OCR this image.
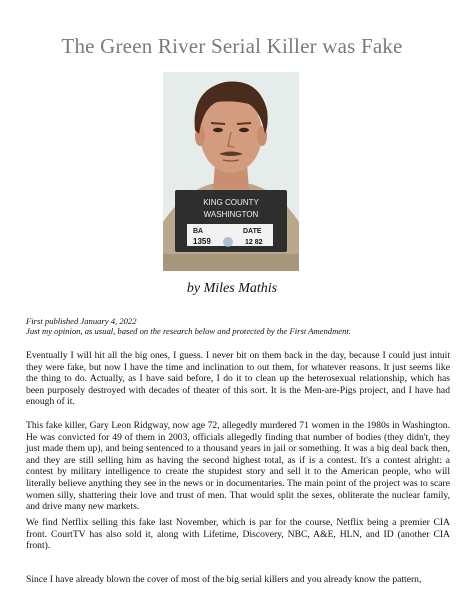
The Green River Serial Killer was Fake
KING COUNTY
WASHINGTON
BA	DATE
1359	12 82
by Miles Mathis
First published January 4, 2022
Just my opinion, as usual, based on the research below and protected by the First Amendment.

Eventually I will hit all the big ones, I guess. I never bit on them back in the day, because I could just intuit they were fake, but now I have the time and inclination to out them, for whatever reasons. It just seems like the thing to do. Actually, as I have said before, I do it to clean up the heterosexual relationship, which has been purposely destroyed with decades of theater of this sort. It is the Men-are-Pigs project, and I have had enough of it.

This fake killer, Gary Leon Ridgway, now age 72, allegedly murdered 71 women in the 1980s in Washington. He was convicted for 49 of them in 2003, officials allegedly finding that number of bodies (they didn't, they just made them up), and being sentenced to a thousand years in jail or something. It was a big deal back then, and they are still selling him as having the second highest total, as if is a contest. It's a contest alright: a contest by military intelligence to create the stupidest story and sell it to the American people, who will literally believe anything they see in the news or in documentaries. The main point of the project was to scare women silly, shattering their love and trust of men. That would split the sexes, obliterate the nuclear family, and drive many new markets.

We find Netflix selling this fake last November, which is par for the course, Netflix being a premier CIA front. CourtTV has also sold it, along with Lifetime, Discovery, NBC, A&E, HLN, and ID (another CIA front).

Since I have already blown the cover of most of the big serial killers and you already know the pattern,
